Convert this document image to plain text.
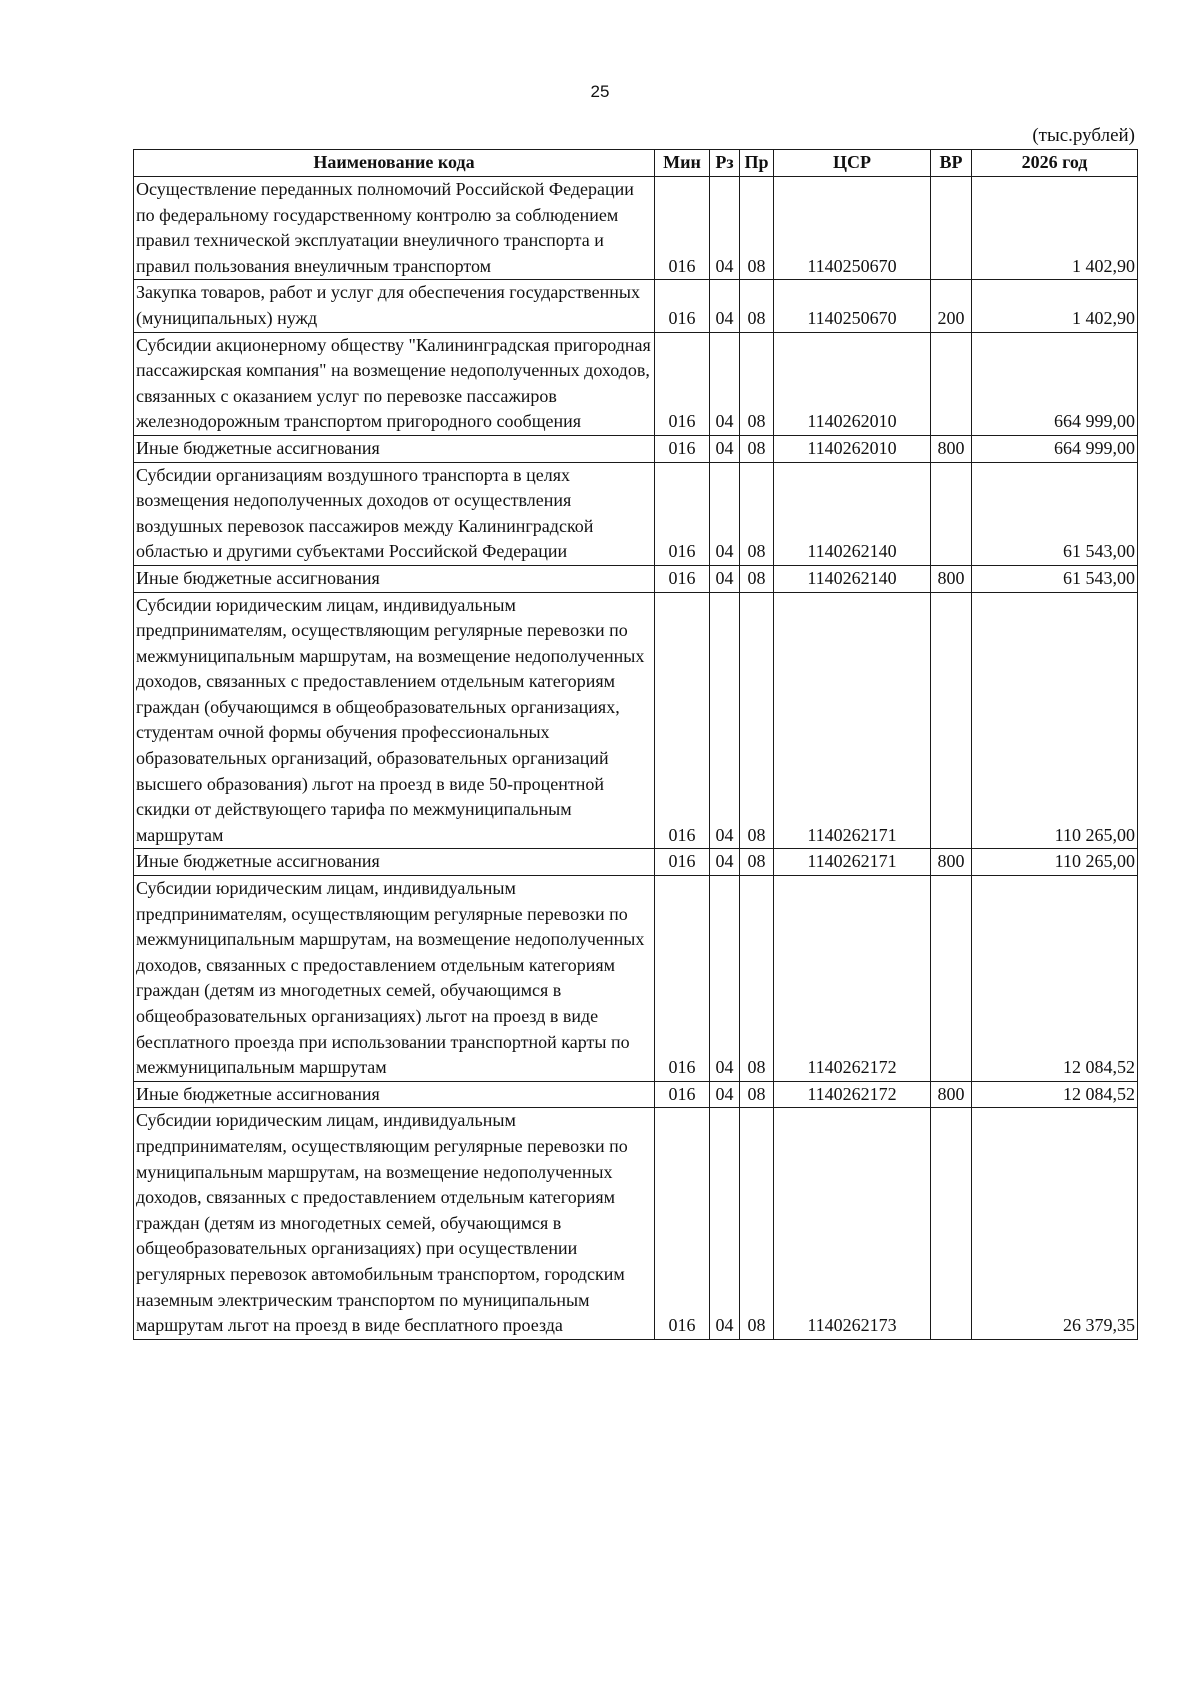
25
(тыс.рублей)
Наименование кода	Мин	Рз	Пр	ЦСР	ВР	2026 год
Осуществление переданных полномочий Российской Федерации по федеральному государственному контролю за соблюдением правил технической эксплуатации внеуличного транспорта и правил пользования внеуличным транспортом	016	04	08	1140250670		1 402,90
Закупка товаров, работ и услуг для обеспечения государственных (муниципальных) нужд	016	04	08	1140250670	200	1 402,90
Субсидии акционерному обществу "Калининградская пригородная пассажирская компания" на возмещение недополученных доходов, связанных с оказанием услуг по перевозке пассажиров железнодорожным транспортом пригородного сообщения	016	04	08	1140262010		664 999,00
Иные бюджетные ассигнования	016	04	08	1140262010	800	664 999,00
Субсидии организациям воздушного транспорта в целях возмещения недополученных доходов от осуществления воздушных перевозок пассажиров между Калининградской областью и другими субъектами Российской Федерации	016	04	08	1140262140		61 543,00
Иные бюджетные ассигнования	016	04	08	1140262140	800	61 543,00
Субсидии юридическим лицам, индивидуальным предпринимателям, осуществляющим регулярные перевозки по межмуниципальным маршрутам, на возмещение недополученных доходов, связанных с предоставлением отдельным категориям граждан (обучающимся в общеобразовательных организациях, студентам очной формы обучения профессиональных образовательных организаций, образовательных организаций высшего образования) льгот на проезд в виде 50-процентной скидки от действующего тарифа по межмуниципальным маршрутам	016	04	08	1140262171		110 265,00
Иные бюджетные ассигнования	016	04	08	1140262171	800	110 265,00
Субсидии юридическим лицам, индивидуальным предпринимателям, осуществляющим регулярные перевозки по межмуниципальным маршрутам, на возмещение недополученных доходов, связанных с предоставлением отдельным категориям граждан (детям из многодетных семей, обучающимся в общеобразовательных организациях) льгот на проезд в виде бесплатного проезда при использовании транспортной карты по межмуниципальным маршрутам	016	04	08	1140262172		12 084,52
Иные бюджетные ассигнования	016	04	08	1140262172	800	12 084,52
Субсидии юридическим лицам, индивидуальным предпринимателям, осуществляющим регулярные перевозки по муниципальным маршрутам, на возмещение недополученных доходов, связанных с предоставлением отдельным категориям граждан (детям из многодетных семей, обучающимся в общеобразовательных организациях) при осуществлении регулярных перевозок автомобильным транспортом, городским наземным электрическим транспортом по муниципальным маршрутам льгот на проезд в виде бесплатного проезда	016	04	08	1140262173		26 379,35
